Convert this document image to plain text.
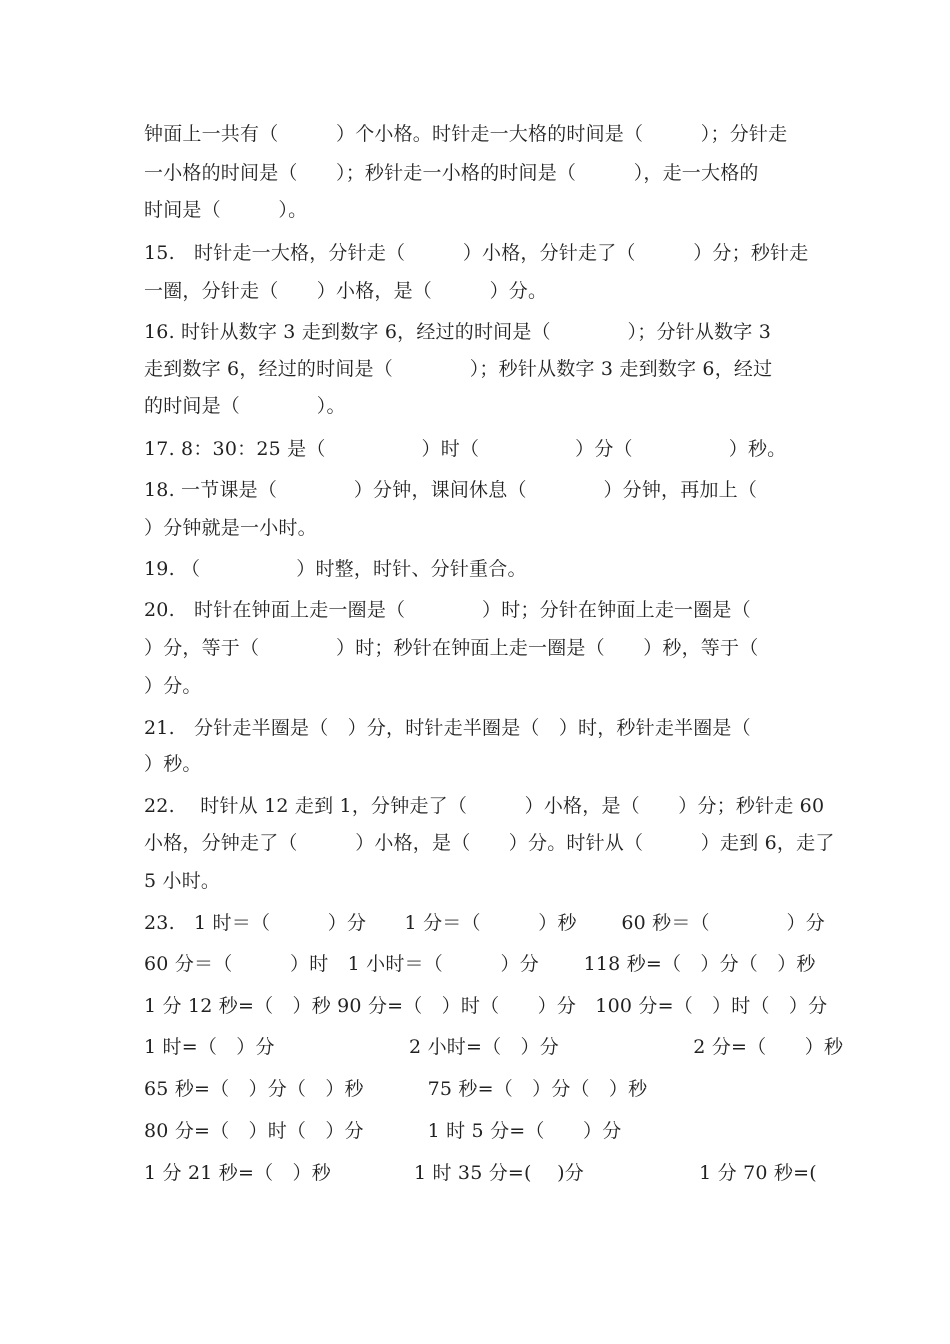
钟面上一共有（　　　）个小格。时针走一大格的时间是（　　　）；分针走
一小格的时间是（　　）；秒针走一小格的时间是（　　　），走一大格的
时间是（　　　）。
15.　时针走一大格，分针走（　　　）小格，分针走了（　　　）分；秒针走
一圈，分针走（　　）小格，是（　　　）分。
16. 时针从数字 3 走到数字 6，经过的时间是（　　　　）；分针从数字 3
走到数字 6，经过的时间是（　　　　）；秒针从数字 3 走到数字 6，经过
的时间是（　　　　）。
17. 8：30：25 是（　　　　　）时（　　　　　）分（　　　　　）秒。
18. 一节课是（　　　　）分钟，课间休息（　　　　）分钟，再加上（
）分钟就是一小时。
19. （　　　　　）时整，时针、分针重合。
20.　时针在钟面上走一圈是（　　　　）时；分针在钟面上走一圈是（
）分，等于（　　　　）时；秒针在钟面上走一圈是（　　）秒，等于（
）分。
21.　分针走半圈是（　）分，时针走半圈是（　）时，秒针走半圈是（
）秒。
22.　 时针从 12 走到 1，分钟走了（　　　）小格，是（　　）分；秒针走 60
小格，分钟走了（　　　）小格，是（　　）分。时针从（　　　）走到 6，走了
5 小时。
23.　1 时＝（　　　）分　　1 分＝（　　　）秒　　 60 秒＝（　　　　）分
60 分＝（　　　）时　1 小时＝（　　　）分　　 118 秒=（　）分（　）秒
1 分 12 秒=（　）秒 90 分=（　）时（　　）分　100 分=（　）时（　）分
1 时=（　）分　　　　　　　2 小时=（　）分　　　　　　　2 分=（　　）秒
65 秒=（　）分（　）秒　　　 75 秒=（　）分（　）秒
80 分=（　）时（　）分　　　 1 时 5 分=（　　）分
1 分 21 秒=（　）秒　　　　 1 时 35 分=(　 )分　　　　　　1 分 70 秒=(
